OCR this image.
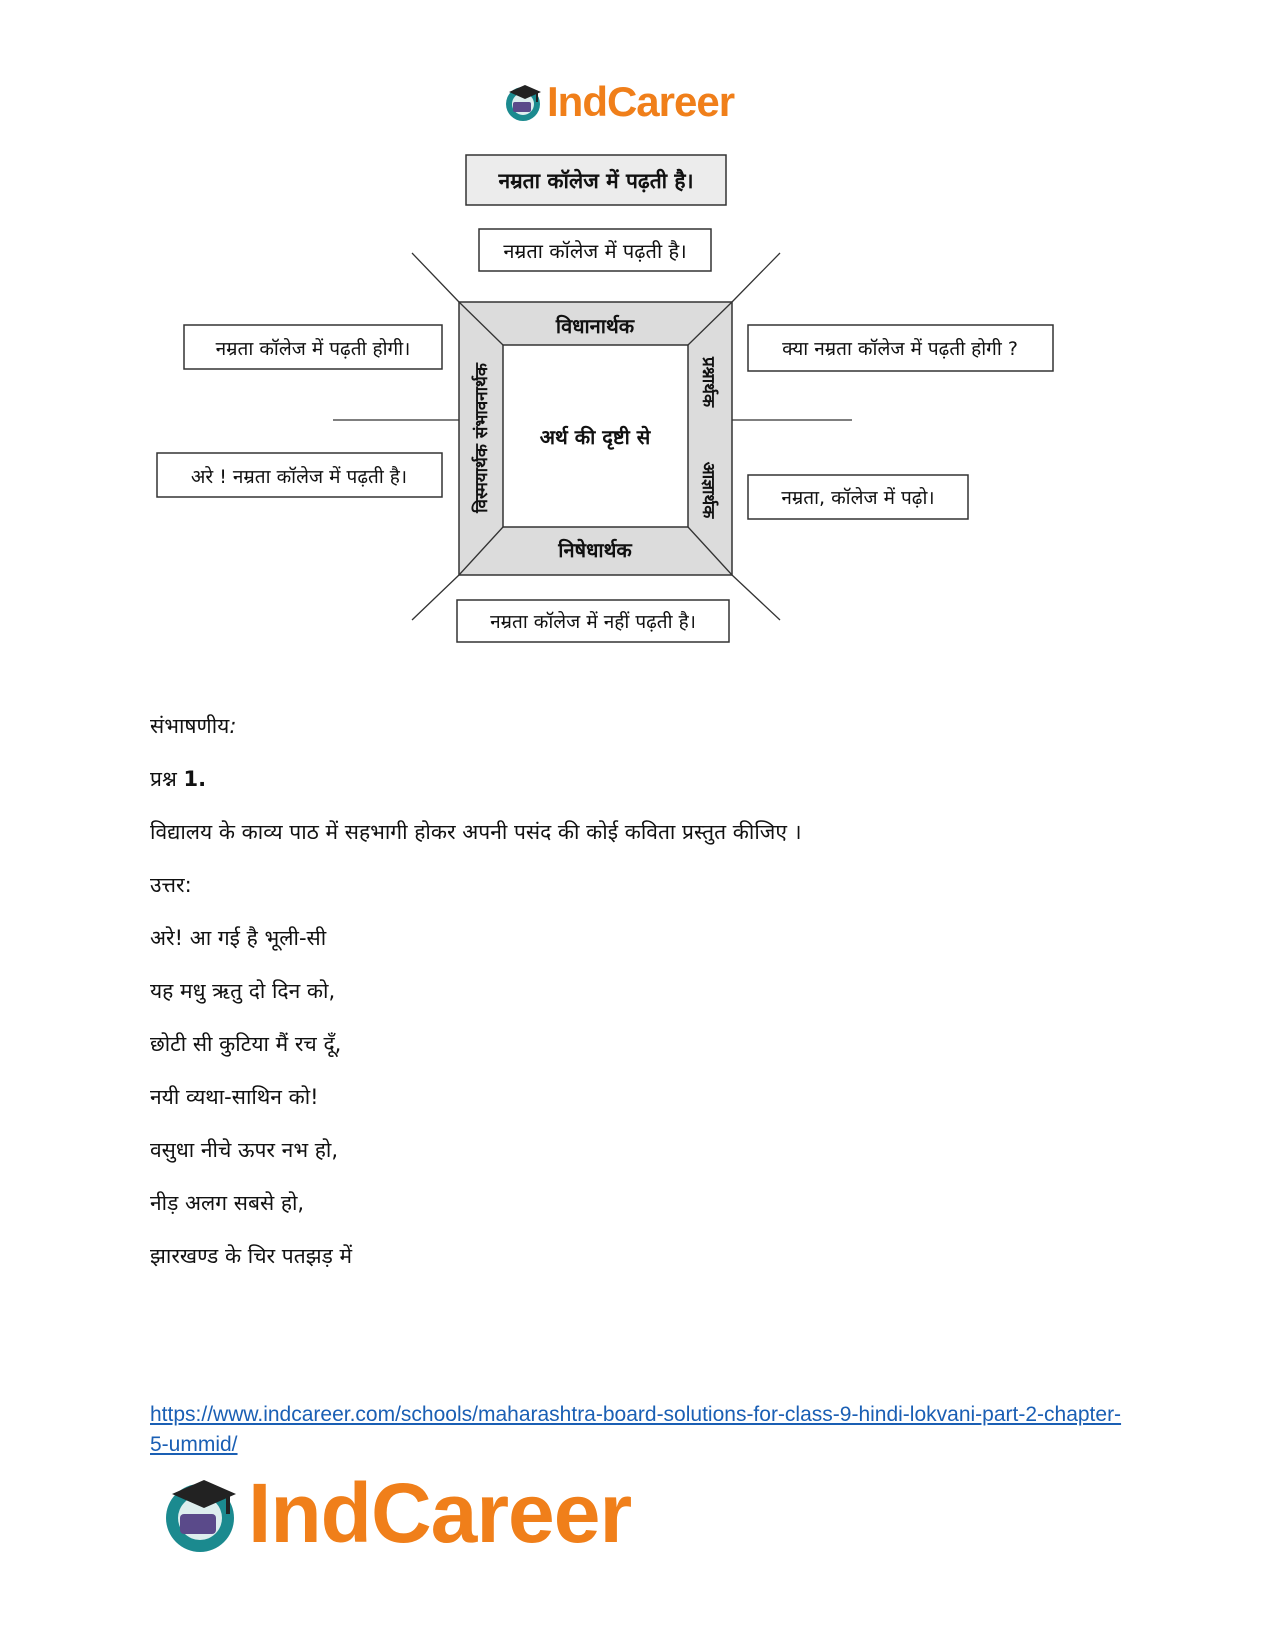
IndCareer
नम्रता कॉलेज में पढ़ती है।
नम्रता कॉलेज में पढ़ती है।
अर्थ की दृष्टी से
विधानार्थक
निषेधार्थक
विस्मयार्थक संभावनार्थक	प्रश्नार्थक
आज्ञार्थक
नम्रता कॉलेज में पढ़ती होगी।
अरे ! नम्रता कॉलेज में पढ़ती है।
क्या नम्रता कॉलेज में पढ़ती होगी ?
नम्रता, कॉलेज में पढ़ो।
नम्रता कॉलेज में नहीं पढ़ती है।
संभाषणीय:
प्रश्न 1.
विद्यालय के काव्य पाठ में सहभागी होकर अपनी पसंद की कोई कविता प्रस्तुत कीजिए ।
उत्तर:
अरे! आ गई है भूली-सी
यह मधु ऋतु दो दिन को,
छोटी सी कुटिया मैं रच दूँ,
नयी व्यथा-साथिन को!
वसुधा नीचे ऊपर नभ हो,
नीड़ अलग सबसे हो,
झारखण्ड के चिर पतझड़ में
https://www.indcareer.com/schools/maharashtra-board-solutions-for-class-9-hindi-lokvani-part-2-chapter-5-ummid/
IndCareer
